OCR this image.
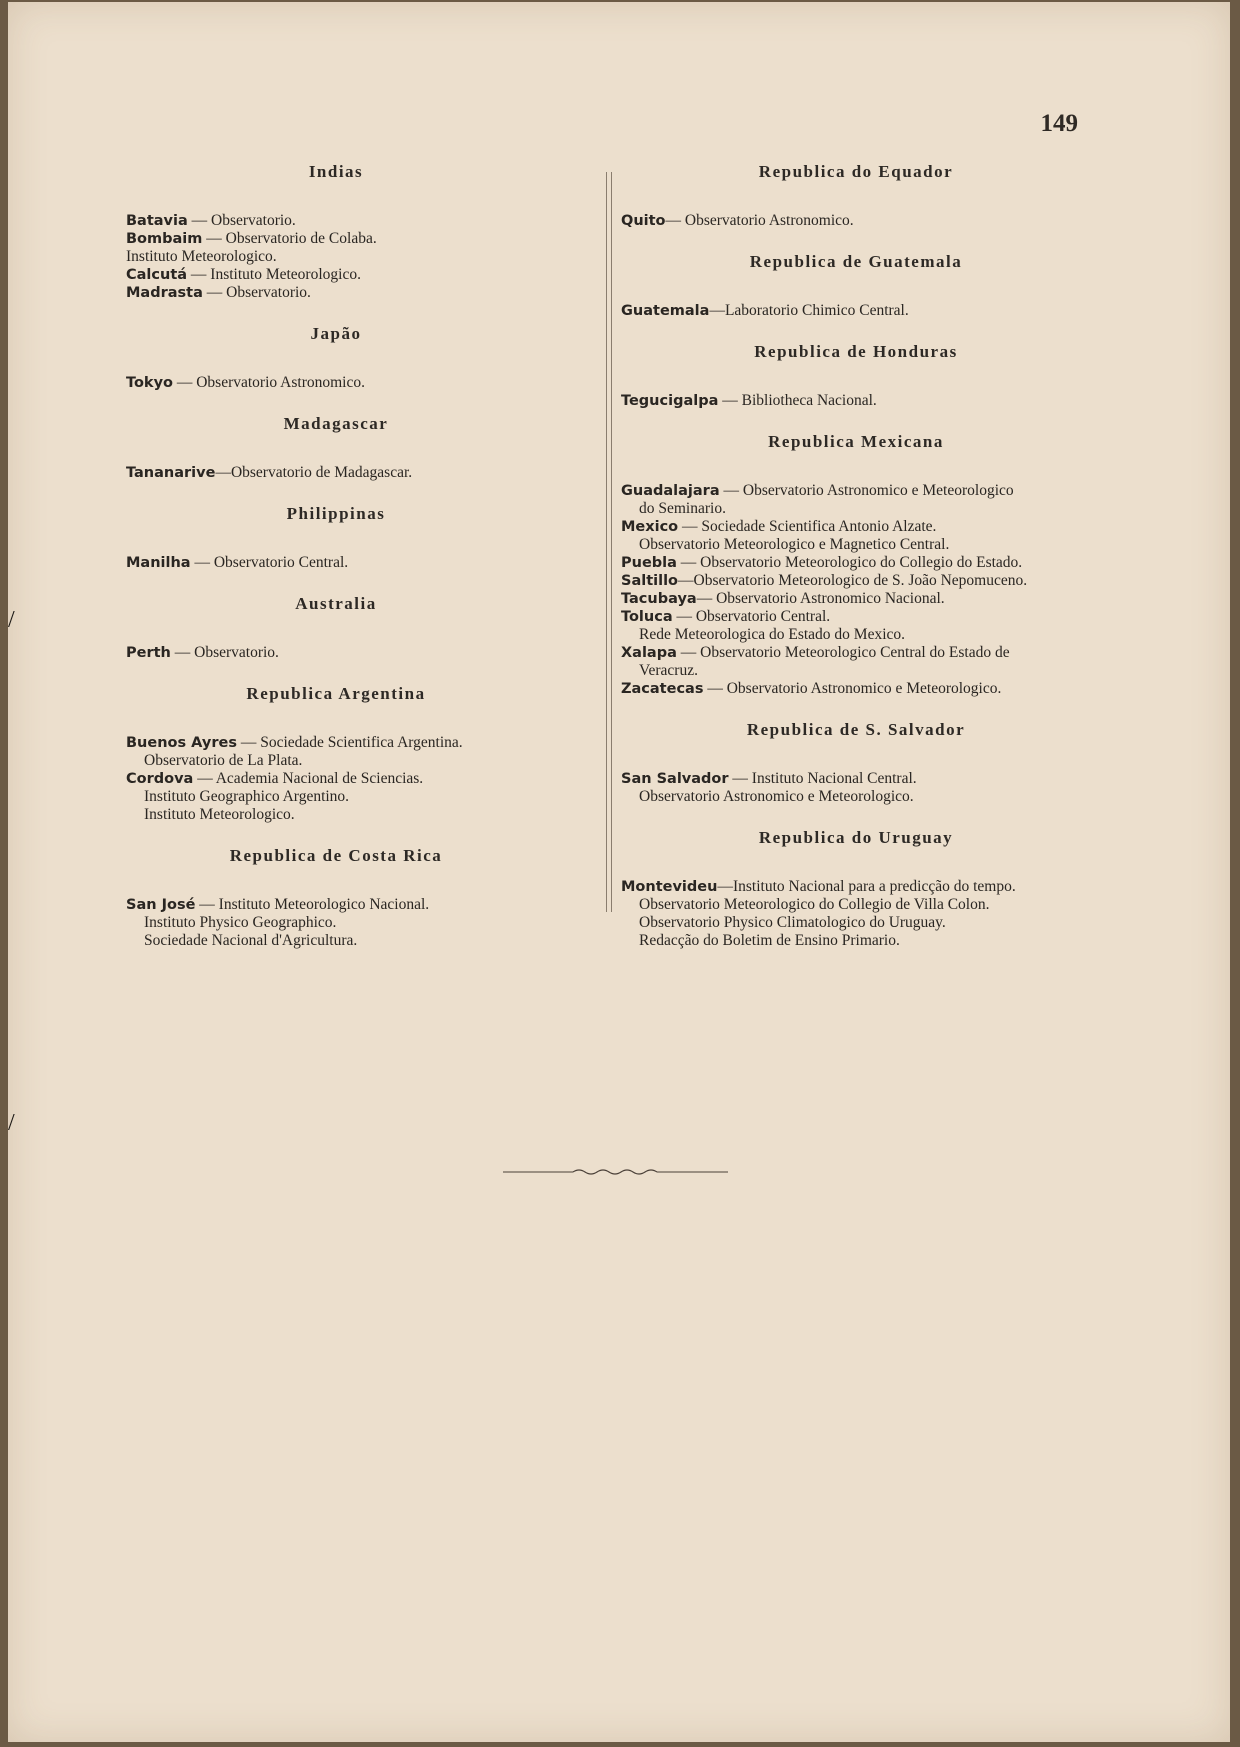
149
Indias
Batavia — Observatorio.
Bombaim — Observatorio de Colaba.
Instituto Meteorologico.
Calcutá — Instituto Meteorologico.
Madrasta — Observatorio.
Japão
Tokyo — Observatorio Astronomico.
Madagascar
Tananarive—Observatorio de Madagascar.
Philippinas
Manilha — Observatorio Central.
Australia
Perth — Observatorio.
Republica Argentina
Buenos Ayres — Sociedade Scientifica Argentina.
Observatorio de La Plata.
Cordova — Academia Nacional de Sciencias.
Instituto Geographico Argentino.
Instituto Meteorologico.
Republica de Costa Rica
San José — Instituto Meteorologico Nacional.
Instituto Physico Geographico.
Sociedade Nacional d'Agricultura.
Republica do Equador
Quito— Observatorio Astronomico.
Republica de Guatemala
Guatemala—Laboratorio Chimico Central.
Republica de Honduras
Tegucigalpa — Bibliotheca Nacional.
Republica Mexicana
Guadalajara — Observatorio Astronomico e Meteorologico
do Seminario.
Mexico — Sociedade Scientifica Antonio Alzate.
Observatorio Meteorologico e Magnetico Central.
Puebla — Observatorio Meteorologico do Collegio do Estado.
Saltillo—Observatorio Meteorologico de S. João Nepomuceno.
Tacubaya— Observatorio Astronomico Nacional.
Toluca — Observatorio Central.
Rede Meteorologica do Estado do Mexico.
Xalapa — Observatorio Meteorologico Central do Estado de
Veracruz.
Zacatecas — Observatorio Astronomico e Meteorologico.
Republica de S. Salvador
San Salvador — Instituto Nacional Central.
Observatorio Astronomico e Meteorologico.
Republica do Uruguay
Montevideu—Instituto Nacional para a predicção do tempo.
Observatorio Meteorologico do Collegio de Villa Colon.
Observatorio Physico Climatologico do Uruguay.
Redacção do Boletim de Ensino Primario.
/
/
